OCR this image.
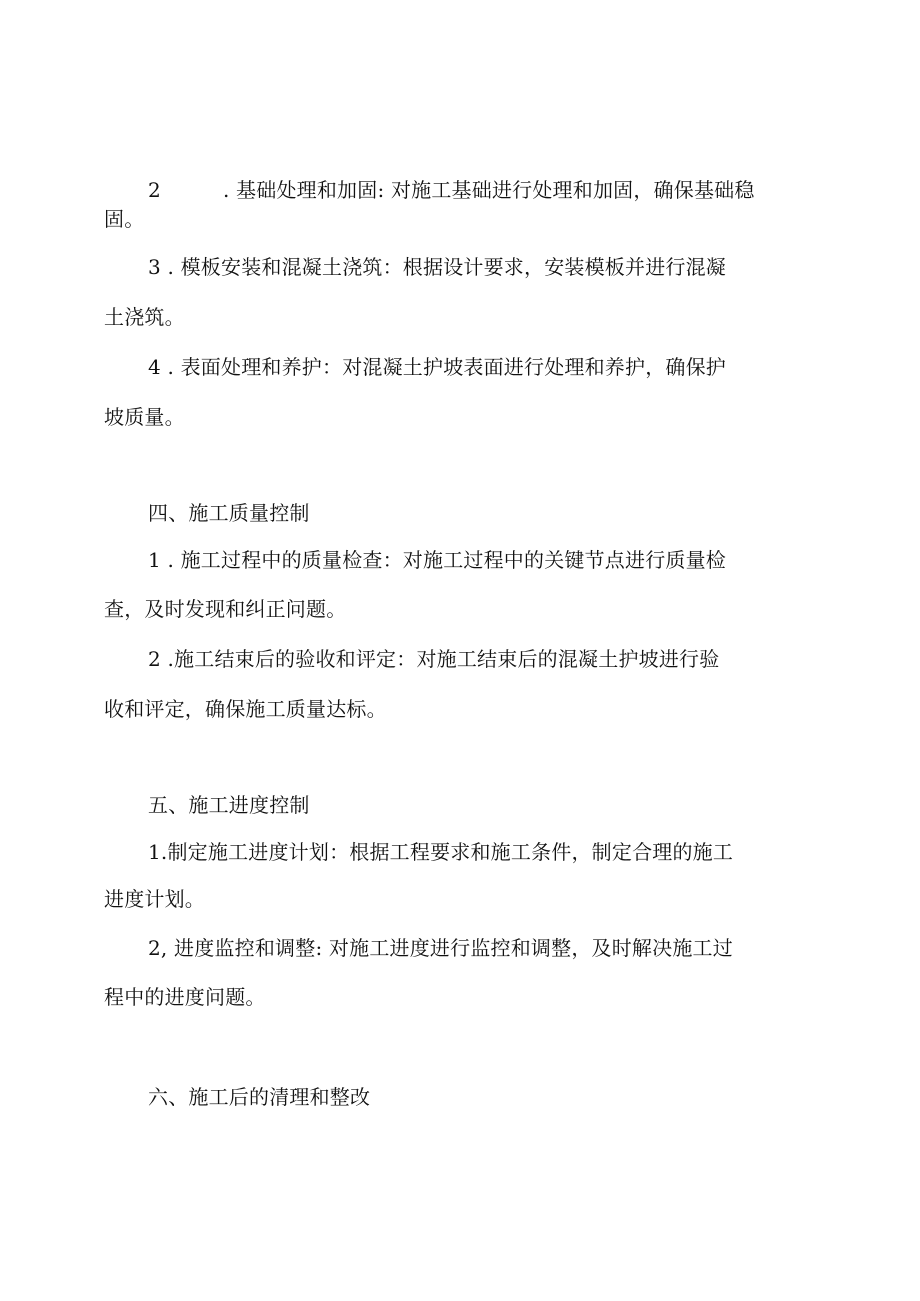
2	. 基础处理和加固: 对施工基础进行处理和加固，确保基础稳
固。
3 . 模板安装和混凝土浇筑：根据设计要求，安装模板并进行混凝
土浇筑。
4 . 表面处理和养护：对混凝土护坡表面进行处理和养护，确保护
坡质量。
四、施工质量控制
1 . 施工过程中的质量检查：对施工过程中的关键节点进行质量检
查，及时发现和纠正问题。
2 .施工结束后的验收和评定：对施工结束后的混凝土护坡进行验
收和评定，确保施工质量达标。
五、施工进度控制
1.制定施工进度计划：根据工程要求和施工条件，制定合理的施工
进度计划。
2, 进度监控和调整: 对施工进度进行监控和调整，及时解决施工过
程中的进度问题。
六、施工后的清理和整改
